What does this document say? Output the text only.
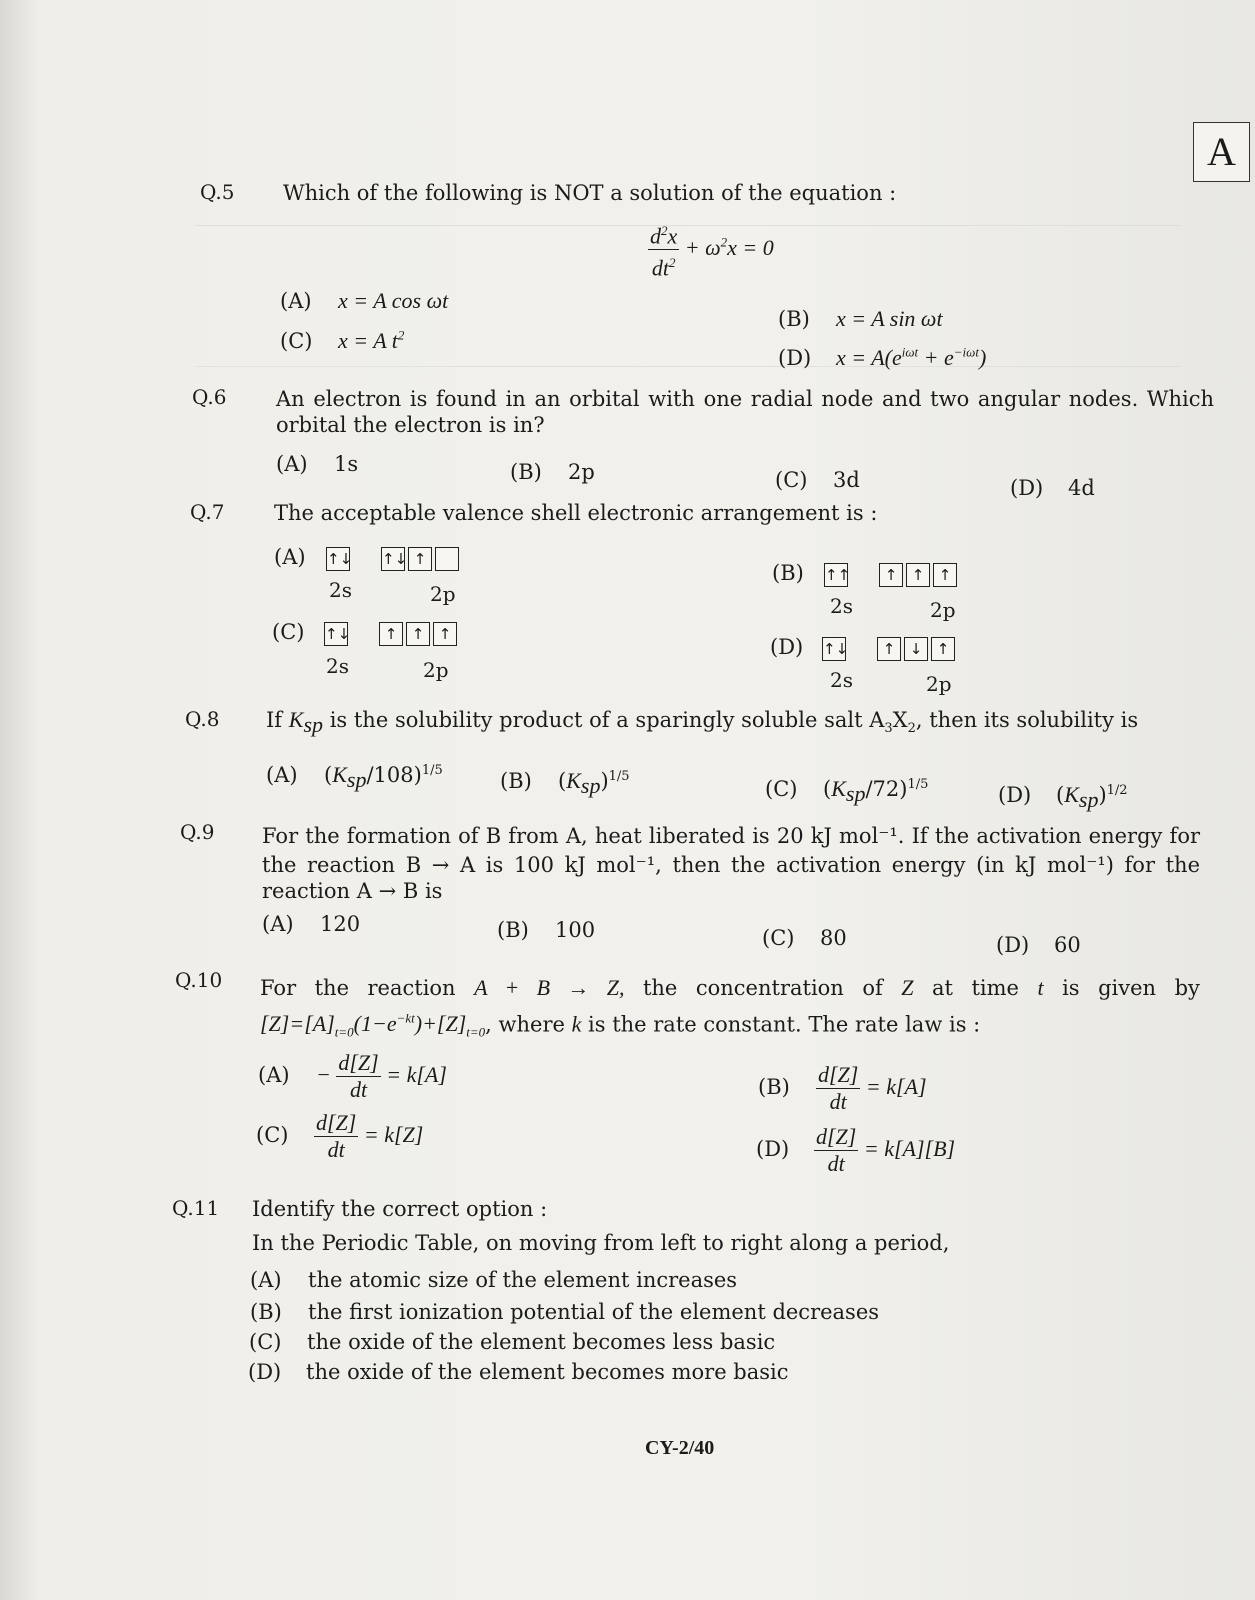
A
Q.5 Which of the following is NOT a solution of the equation :
$\frac{d^2x}{dt^2} + \omega^2x = 0$
(A) x = A cos ωt
(B) x = A sin ωt
(C) x = A $t^2$
(D) $x = A(e^{i\omega t} + e^{-i\omega t})$
Q.6 An electron is found in an orbital with one radial node and two angular nodes. Which
orbital the electron is in?
(A) 1s	(B) 2p	(C) 3d	(D) 4d
Q.7 The acceptable valence shell electronic arrangement is :
(A) ↑↓ ↑↓ ↑
2s	2p
(B) ↑↑ ↑ ↑ ↑
2s	2p
(C) ↑↓ ↑ ↑ ↑
2s	2p
(D) ↑↓ ↑ ↓ ↑
2s	2p
Q.8 If $K_{sp}$ is the solubility product of a sparingly soluble salt $A_3X_2$, then its solubility is
(A) $(K_{sp}/108)^{1/5}$	(B) $(K_{sp})^{1/5}$
(C) $(K_{sp}/72)^{1/5}$	(D) $(K_{sp})^{1/2}$
Q.9 For the formation of B from A, heat liberated is 20 kJ mol⁻¹. If the activation energy for
the reaction B → A is 100 kJ mol⁻¹, then the activation energy (in kJ mol⁻¹) for the
reaction A → B is
(A) 120	(B) 100	(C) 80	(D) 60
Q.10 For the reaction A + B → Z, the concentration of Z at time t is given by
$[Z]=[A]_{t=0}(1-e^{-kt})+[Z]_{t=0}$, where k is the rate constant. The rate law is :
$(A) - \frac{d[Z]}{dt} = k[A]$	$(B) \frac{d[Z]}{dt} = k[A]$
$(C) \frac{d[Z]}{dt} = k[Z]$
$(D) \frac{d[Z]}{dt} = k[A][B]$
Q.11 Identify the correct option :
In the Periodic Table, on moving from left to right along a period,
(A) the atomic size of the element increases
(B) the first ionization potential of the element decreases
(C) the oxide of the element becomes less basic
(D) the oxide of the element becomes more basic
CY-2/40
